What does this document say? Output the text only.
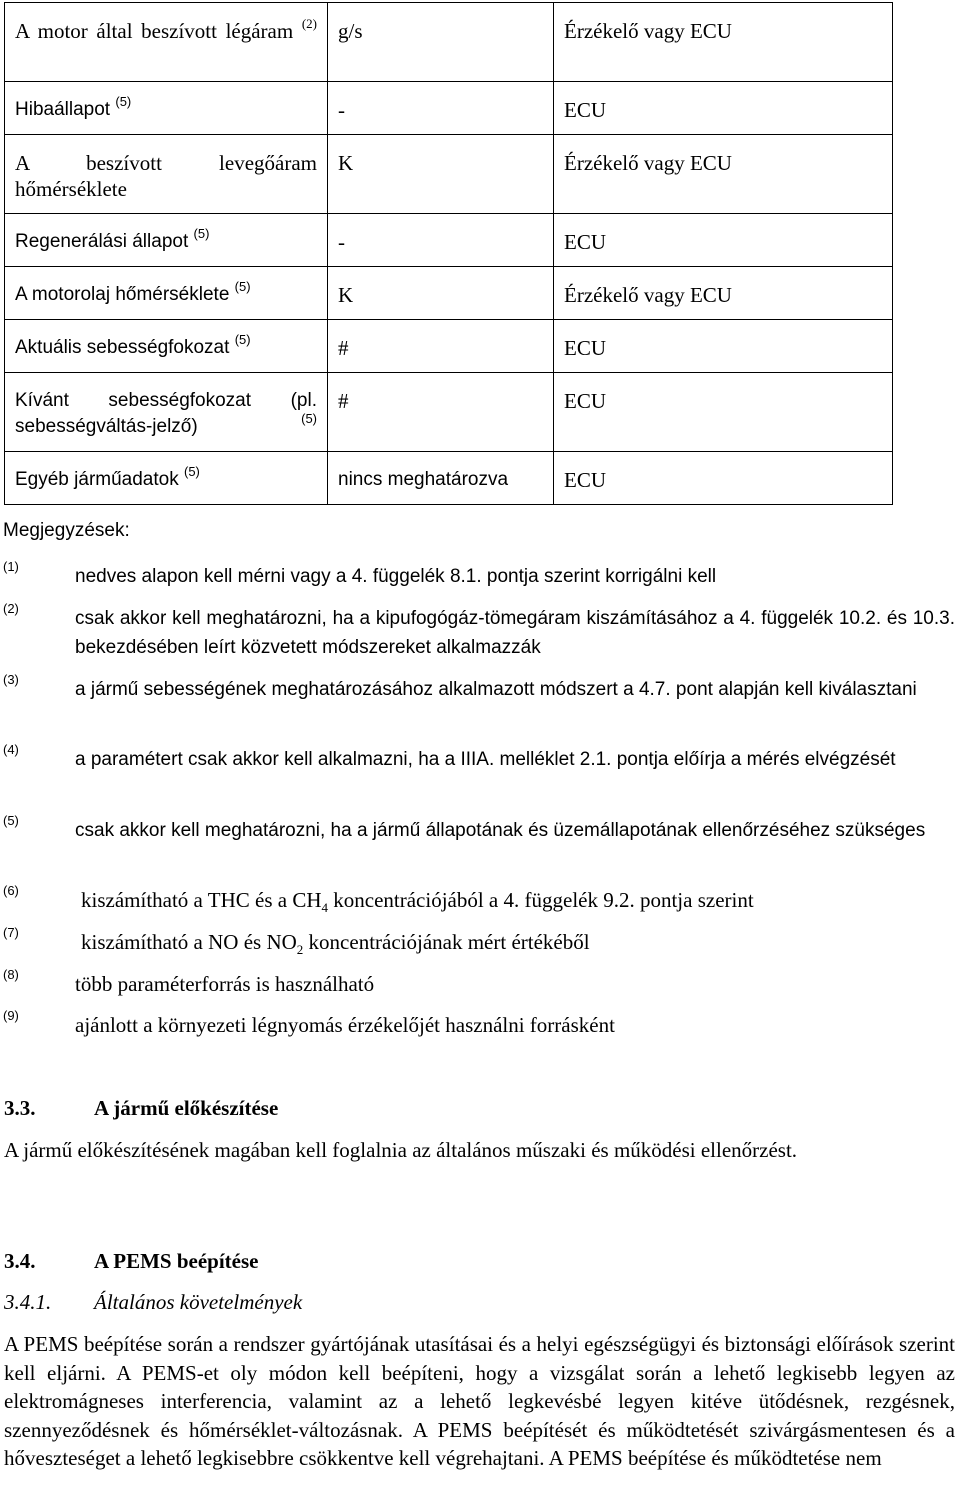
A motor által beszívott légáram $^{(2)}$	g/s	Érzékelő vagy ECU
Hibaállapot $^{(5)}$	-	ECU

A beszívott levegőáram hőmérséklete	K	Érzékelő vagy ECU
Regenerálási állapot $^{(5)}$	-	ECU
A motorolaj hőmérséklete $^{(5)}$	K	Érzékelő vagy ECU
Aktuális sebességfokozat $^{(5)}$	#	ECU

Kívánt sebességfokozat (pl. sebességváltás-jelző) $^{(5)}$	#	ECU
Egyéb járműadatok $^{(5)}$	nincs meghatározva	ECU
Megjegyzések:
(1)	nedves alapon kell mérni vagy a 4. függelék 8.1. pontja szerint korrigálni kell
(2)	csak akkor kell meghatározni, ha a kipufogógáz-tömegáram kiszámításához a 4. függelék 10.2. és 10.3. bekezdésében leírt közvetett módszereket alkalmazzák
(3)	a jármű sebességének meghatározásához alkalmazott módszert a 4.7. pont alapján kell kiválasztani
(4)	a paramétert csak akkor kell alkalmazni, ha a IIIA. melléklet 2.1. pontja előírja a mérés elvégzését
(5)	csak akkor kell meghatározni, ha a jármű állapotának és üzemállapotának ellenőrzéséhez szükséges
(6)	kiszámítható a THC és a $CH_4$ koncentrációjából a 4. függelék 9.2. pontja szerint
(7)	kiszámítható a NO és $NO_2$ koncentrációjának mért értékéből
(8)	több paraméterforrás is használható
(9)	ajánlott a környezeti légnyomás érzékelőjét használni forrásként
3.3.	A jármű előkészítése
A jármű előkészítésének magában kell foglalnia az általános műszaki és működési ellenőrzést.
3.4.	A PEMS beépítése
3.4.1. Általános követelmények
A PEMS beépítése során a rendszer gyártójának utasításai és a helyi egészségügyi és biztonsági előírások szerint kell eljárni. A PEMS-et oly módon kell beépíteni, hogy a vizsgálat során a lehető legkisebb legyen az elektromágneses interferencia, valamint az a lehető legkevésbé legyen kitéve ütődésnek, rezgésnek, szennyeződésnek és hőmérséklet-változásnak. A PEMS beépítését és működtetését szivárgásmentesen és a hőveszteséget a lehető legkisebbre csökkentve kell végrehajtani. A PEMS beépítése és működtetése nem
